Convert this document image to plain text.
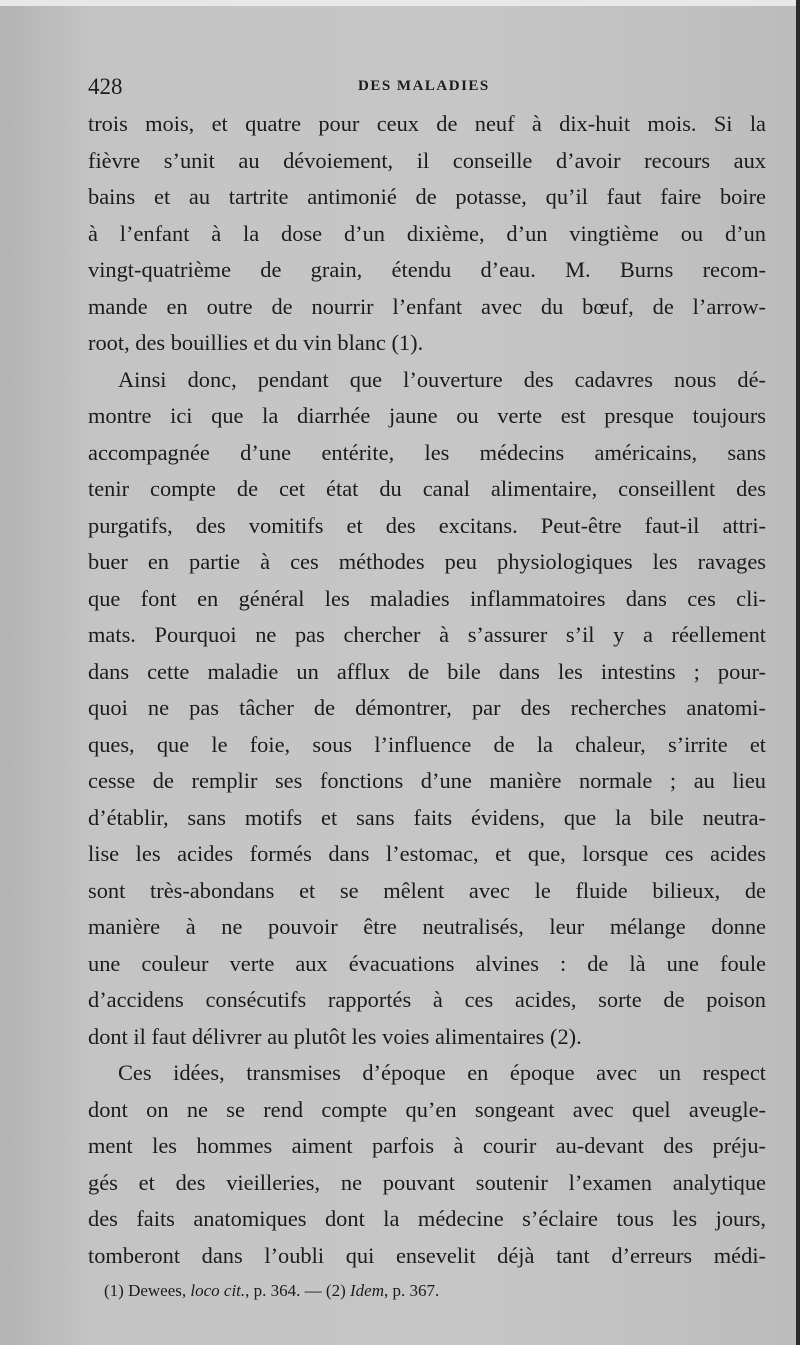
428	DES MALADIES
trois mois, et quatre pour ceux de neuf à dix-huit mois. Si la
fièvre s’unit au dévoiement, il conseille d’avoir recours aux
bains et au tartrite antimonié de potasse, qu’il faut faire boire
à l’enfant à la dose d’un dixième, d’un vingtième ou d’un
vingt-quatrième de grain, étendu d’eau. M. Burns recom-
mande en outre de nourrir l’enfant avec du bœuf, de l’arrow-
root, des bouillies et du vin blanc (1).
Ainsi donc, pendant que l’ouverture des cadavres nous dé-
montre ici que la diarrhée jaune ou verte est presque toujours
accompagnée d’une entérite, les médecins américains, sans
tenir compte de cet état du canal alimentaire, conseillent des
purgatifs, des vomitifs et des excitans. Peut-être faut-il attri-
buer en partie à ces méthodes peu physiologiques les ravages
que font en général les maladies inflammatoires dans ces cli-
mats. Pourquoi ne pas chercher à s’assurer s’il y a réellement
dans cette maladie un afflux de bile dans les intestins ; pour-
quoi ne pas tâcher de démontrer, par des recherches anatomi-
ques, que le foie, sous l’influence de la chaleur, s’irrite et
cesse de remplir ses fonctions d’une manière normale ; au lieu
d’établir, sans motifs et sans faits évidens, que la bile neutra-
lise les acides formés dans l’estomac, et que, lorsque ces acides
sont très-abondans et se mêlent avec le fluide bilieux, de
manière à ne pouvoir être neutralisés, leur mélange donne
une couleur verte aux évacuations alvines : de là une foule
d’accidens consécutifs rapportés à ces acides, sorte de poison
dont il faut délivrer au plutôt les voies alimentaires (2).
Ces idées, transmises d’époque en époque avec un respect
dont on ne se rend compte qu’en songeant avec quel aveugle-
ment les hommes aiment parfois à courir au-devant des préju-
gés et des vieilleries, ne pouvant soutenir l’examen analytique
des faits anatomiques dont la médecine s’éclaire tous les jours,
tomberont dans l’oubli qui ensevelit déjà tant d’erreurs médi-
(1) Dewees, loco cit., p. 364. — (2) Idem, p. 367.
